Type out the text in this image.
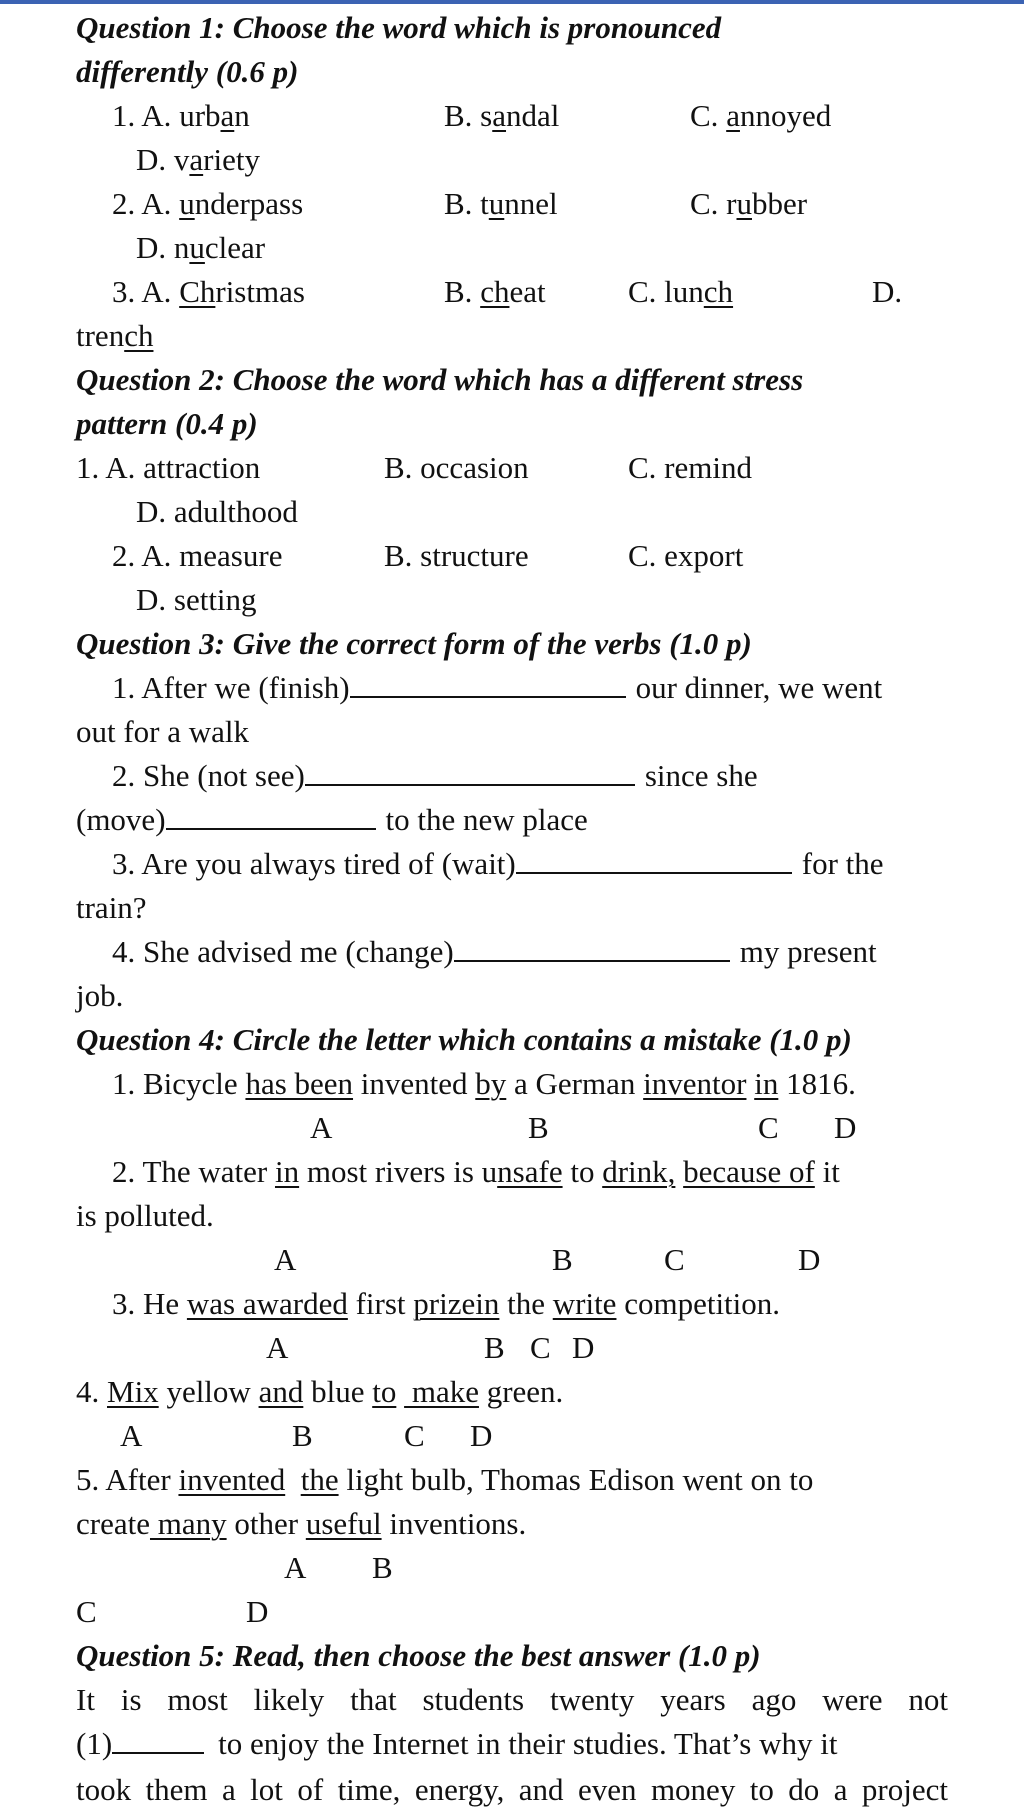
Question 1: Choose the word which is pronounced
differently (0.6 p)
1. A. urban	B. sandal	C. annoyed
D. variety
2. A. underpass	B. tunnel	C. rubber
D. nuclear
3. A. Christmas	B. cheat	C. lunch	D.
trench
Question 2: Choose the word which has a different stress
pattern (0.4 p)
1. A. attraction	B. occasion	C. remind
D. adulthood
2. A. measure	B. structure	C. export
D. setting
Question 3: Give the correct form of the verbs (1.0 p)
1. After we (finish)	our dinner, we went
out for a walk
2. She (not see)	since she
(move)	to the new place
3. Are you always tired of (wait)	for the
train?
4. She advised me (change)	my present
job.
Question 4: Circle the letter which contains a mistake (1.0 p)
1. Bicycle has been invented by a German inventor in 1816.
A	B	C D
2. The water in most rivers is unsafe to drink, because of it
is polluted.
A	B	C	D
3. He was awarded first prizein the write competition.
A	B C D
4. Mix yellow and blue to  make green.
A	B	C D
5. After invented the light bulb, Thomas Edison went on to
create many other useful inventions.
A B
C	D
Question 5: Read, then choose the best answer (1.0 p)
It is most likely that students twenty years ago were not
(1)	to enjoy the Internet in their studies. That’s why it
took them a lot of time, energy, and even money to do a project
